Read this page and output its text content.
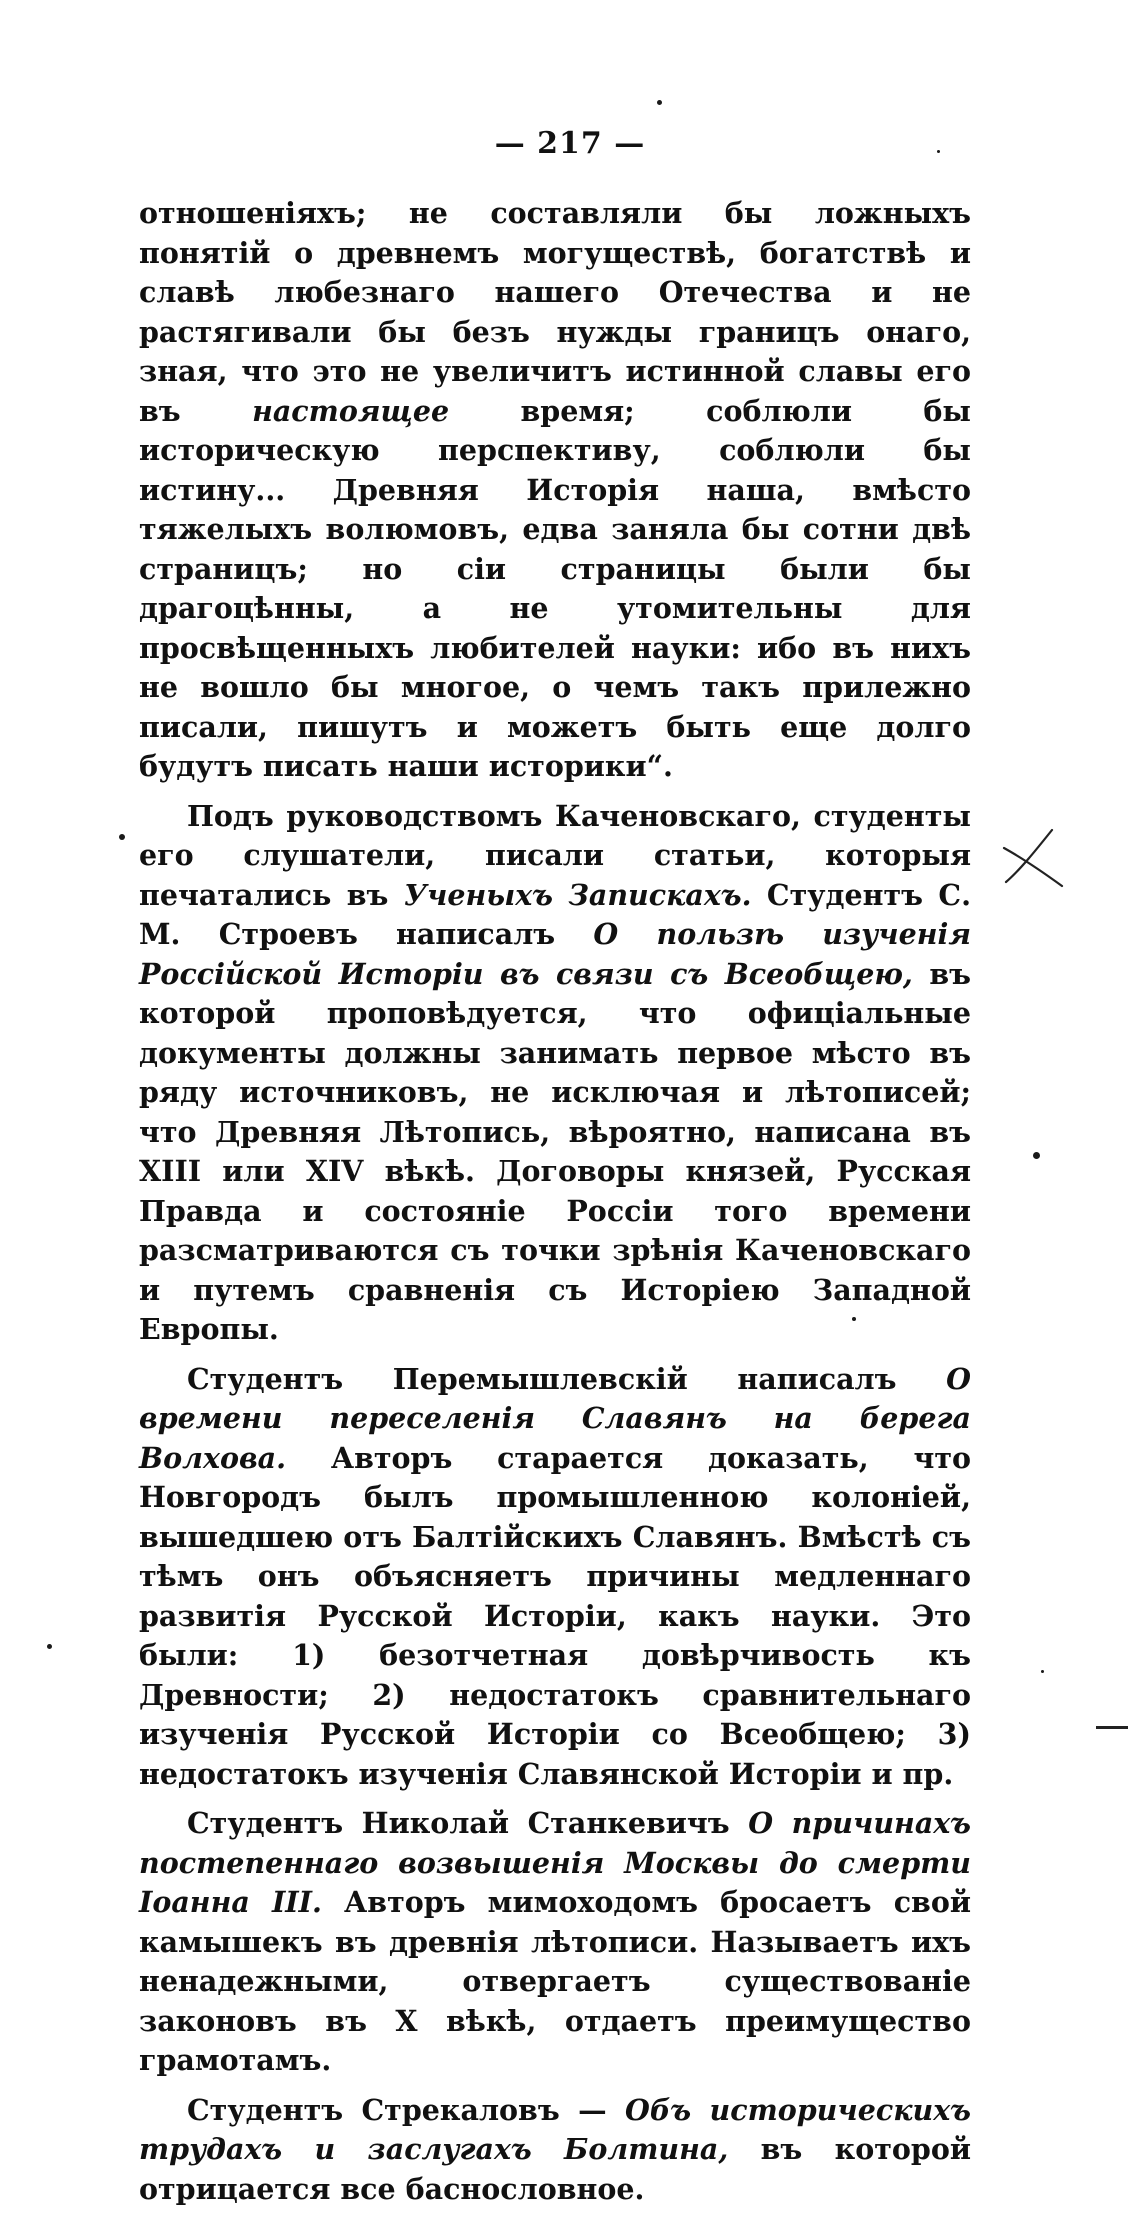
— 217 —

отношеніяхъ; не составляли бы ложныхъ понятій о древнемъ могуществѣ, богатствѣ и славѣ любезнаго нашего Отечества и не растягивали бы безъ нужды границъ онаго, зная, что это не увеличитъ истинной славы его въ настоящее время; соблюли бы историческую перспективу, соблюли бы истину... Древняя Исторія наша, вмѣсто тяжелыхъ волюмовъ, едва заняла бы сотни двѣ страницъ; но сіи страницы были бы драгоцѣнны, а не утомительны для просвѣщенныхъ любителей науки: ибо въ нихъ не вошло бы многое, о чемъ такъ прилежно писали, пишутъ и можетъ быть еще долго будутъ писать наши историки“.

Подъ руководствомъ Каченовскаго, студенты его слушатели, писали статьи, которыя печатались въ Ученыхъ Запискахъ. Студентъ С. М. Строевъ написалъ О пользѣ изученія Россійской Исторіи въ связи съ Всеобщею, въ которой проповѣдуется, что офиціальные документы должны занимать первое мѣсто въ ряду источниковъ, не исключая и лѣтописей; что Древняя Лѣтопись, вѣроятно, написана въ XIII или XIV вѣкѣ. Договоры князей, Русская Правда и состояніе Россіи того времени разсматриваются съ точки зрѣнія Каченовскаго и путемъ сравненія съ Исторіею Западной Европы.

Студентъ Перемышлевскій написалъ О времени переселенія Славянъ на берега Волхова. Авторъ старается доказать, что Новгородъ былъ промышленною колоніей, вышедшею отъ Балтійскихъ Славянъ. Вмѣстѣ съ тѣмъ онъ объясняетъ причины медленнаго развитія Русской Исторіи, какъ науки. Это были: 1) безотчетная довѣрчивость къ Древности; 2) недостатокъ сравнительнаго изученія Русской Исторіи со Всеобщею; 3) недостатокъ изученія Славянской Исторіи и пр.

Студентъ Николай Станкевичъ О причинахъ постепеннаго возвышенія Москвы до смерти Іоанна III. Авторъ мимоходомъ бросаетъ свой камышекъ въ древнія лѣтописи. Называетъ ихъ ненадежными, отвергаетъ существованіе законовъ въ X вѣкѣ, отдаетъ преимущество грамотамъ.

Студентъ Стрекаловъ — Объ историческихъ трудахъ и заслугахъ Болтина, въ которой отрицается все баснословное.
